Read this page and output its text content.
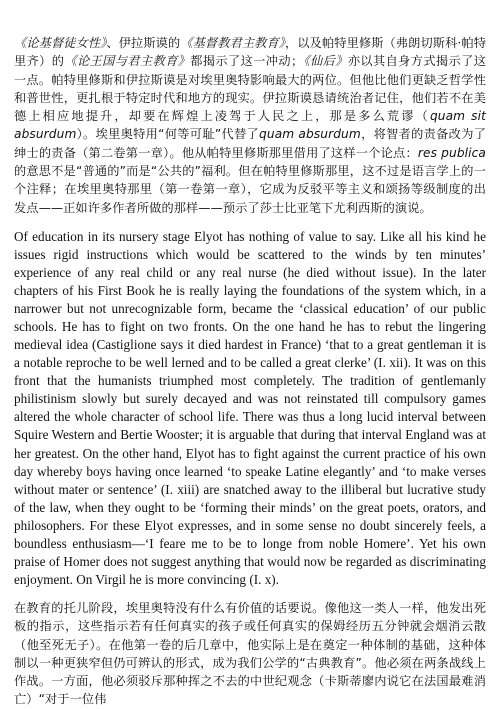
《论基督徒女性》、伊拉斯谟的《基督教君主教育》，以及帕特里修斯（弗朗切斯科·帕特里齐）的《论王国与君主教育》都揭示了这一冲动；《仙后》亦以其自身方式揭示了这一点。帕特里修斯和伊拉斯谟是对埃里奥特影响最大的两位。但他比他们更缺乏哲学性和普世性，更扎根于特定时代和地方的现实。伊拉斯谟恳请统治者记住，他们若不在美德上相应地提升，却要在辉煌上凌驾于人民之上，那是多么荒谬（quam sit absurdum）。埃里奥特用“何等可耻”代替了quam absurdum，将智者的责备改为了绅士的责备（第二卷第一章）。他从帕特里修斯那里借用了这样一个论点：res publica的意思不是“普通的”而是“公共的”福利。但在帕特里修斯那里，这不过是语言学上的一个注释；在埃里奥特那里（第一卷第一章），它成为反驳平等主义和颂扬等级制度的出发点——正如许多作者所做的那样——预示了莎士比亚笔下尤利西斯的演说。

Of education in its nursery stage Elyot has nothing of value to say. Like all his kind he issues rigid instructions which would be scattered to the winds by ten minutes’ experience of any real child or any real nurse (he died without issue). In the later chapters of his First Book he is really laying the foundations of the system which, in a narrower but not unrecognizable form, became the ‘classical education’ of our public schools. He has to fight on two fronts. On the one hand he has to rebut the lingering medieval idea (Castiglione says it died hardest in France) ‘that to a great gentleman it is a notable reproche to be well lerned and to be called a great clerke’ (I. xii). It was on this front that the humanists triumphed most completely. The tradition of gentlemanly philistinism slowly but surely decayed and was not reinstated till compulsory games altered the whole character of school life. There was thus a long lucid interval between Squire Western and Bertie Wooster; it is arguable that during that interval England was at her greatest. On the other hand, Elyot has to fight against the current practice of his own day whereby boys having once learned ‘to speake Latine elegantly’ and ‘to make verses without mater or sentence’ (I. xiii) are snatched away to the illiberal but lucrative study of the law, when they ought to be ‘forming their minds’ on the great poets, orators, and philosophers. For these Elyot expresses, and in some sense no doubt sincerely feels, a boundless enthusiasm—‘I feare me to be to longe from noble Homere’. Yet his own praise of Homer does not suggest anything that would now be regarded as discriminating enjoyment. On Virgil he is more convincing (I. x).

在教育的托儿阶段，埃里奥特没有什么有价值的话要说。像他这一类人一样，他发出死板的指示，这些指示若有任何真实的孩子或任何真实的保姆经历五分钟就会烟消云散（他至死无子）。在他第一卷的后几章中，他实际上是在奠定一种体制的基础，这种体制以一种更狭窄但仍可辨认的形式，成为我们公学的“古典教育”。他必须在两条战线上作战。一方面，他必须驳斥那种挥之不去的中世纪观念（卡斯蒂廖内说它在法国最难消亡）“对于一位伟
